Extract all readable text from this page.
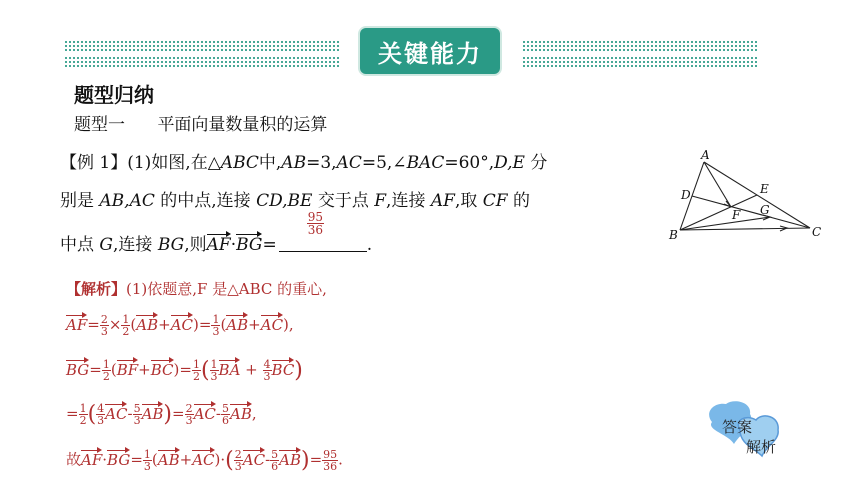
关键能力
题型归纳
题型一 平面向量数量积的运算
【例 1】(1)如图,在△ABC中,AB=3,AC=5,∠BAC=60°,D,E 分
别是 AB,AC 的中点,连接 CD,BE 交于点 F,连接 AF,取 CF 的
中点 G,连接 BG,则AF·BG=
$\frac{95}{36}$
.
【解析】(1)依题意,F 是△ABC 的重心,
$AF= \frac{2}{3} \times \frac{1}{2} (AB+AC)= \frac{1}{3} (AB+AC)$,
$BG= \frac{1}{2} (BF+BC)= \frac{1}{2}$ ( $\frac{1}{3}$ BA + $\frac{4}{3} BC$)
= $\frac{1}{2}$ ( $\frac{4}{3} AC- \frac{5}{3} AB)= \frac{2}{3} AC- \frac{5}{6}$ AB,
故$AF\cdot BG= \frac{1}{3} (AB+AC)\cdot( \frac{2}{3} AC- \frac{5}{6} AB)= \frac{95}{36}$ .
A
D	E
F G
B	C
答案
解析
